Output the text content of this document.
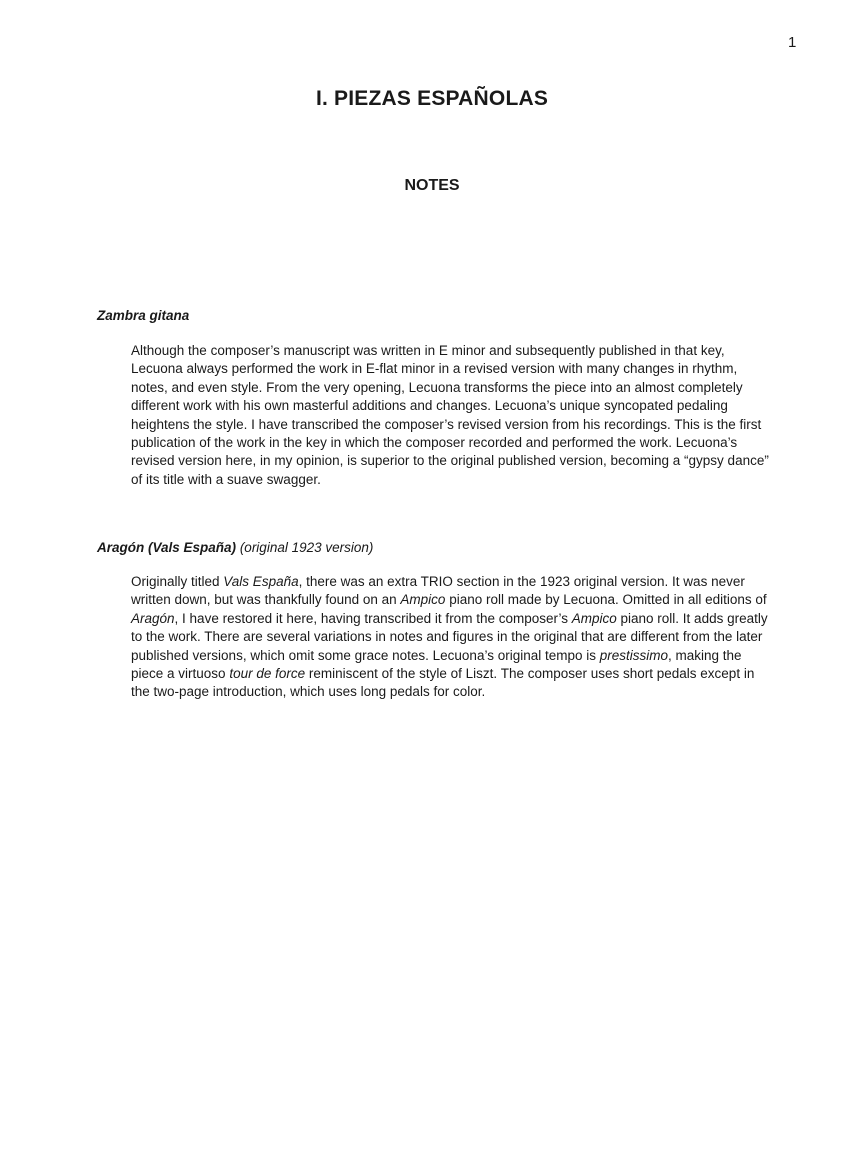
1
I. PIEZAS ESPAÑOLAS
NOTES
Zambra gitana

Although the composer’s manuscript was written in E minor and subsequently published in that key, Lecuona always performed the work in E-flat minor in a revised version with many changes in rhythm, notes, and even style. From the very opening, Lecuona transforms the piece into an almost completely different work with his own masterful additions and changes. Lecuona’s unique syncopated pedaling heightens the style. I have transcribed the composer’s revised version from his recordings. This is the first publication of the work in the key in which the composer recorded and performed the work. Lecuona’s revised version here, in my opinion, is superior to the original published version, becoming a “gypsy dance” of its title with a suave swagger.

Aragón (Vals España) (original 1923 version)

Originally titled Vals España, there was an extra TRIO section in the 1923 original version. It was never written down, but was thankfully found on an Ampico piano roll made by Lecuona. Omitted in all editions of Aragón, I have restored it here, having transcribed it from the composer’s Ampico piano roll. It adds greatly to the work. There are several variations in notes and figures in the original that are different from the later published versions, which omit some grace notes. Lecuona’s original tempo is prestissimo, making the piece a virtuoso tour de force reminiscent of the style of Liszt. The composer uses short pedals except in the two-page introduction, which uses long pedals for color.
